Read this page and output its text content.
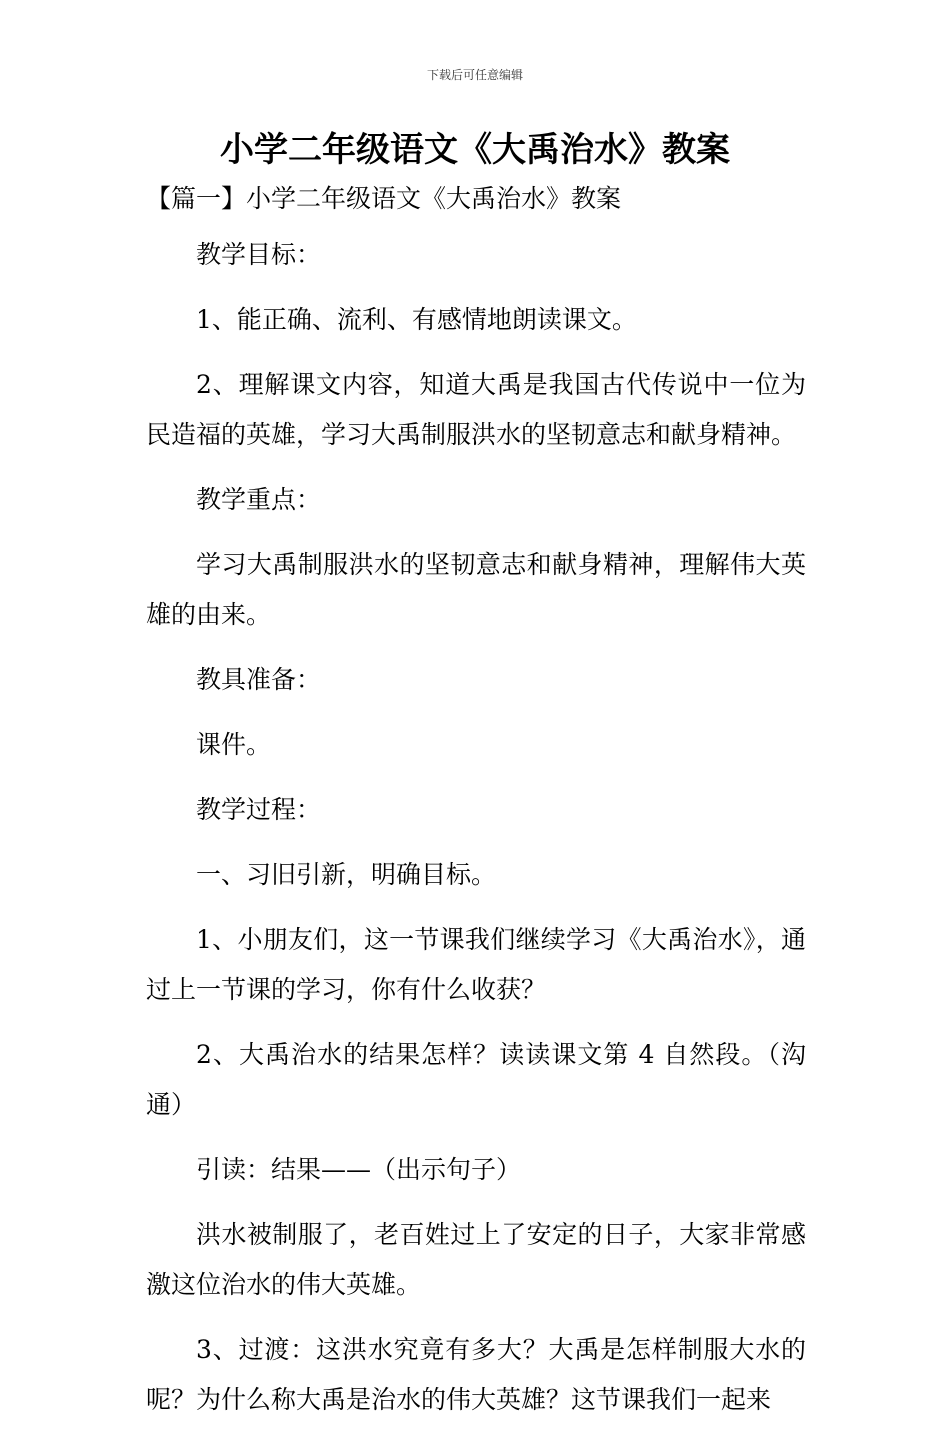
下载后可任意编辑
小学二年级语文《大禹治水》教案
【篇一】小学二年级语文《大禹治水》教案

教学目标：

1、能正确、流利、有感情地朗读课文。

2、理解课文内容，知道大禹是我国古代传说中一位为民造福的英雄，学习大禹制服洪水的坚韧意志和献身精神。

教学重点：

学习大禹制服洪水的坚韧意志和献身精神，理解伟大英雄的由来。

教具准备：

课件。

教学过程：

一、习旧引新，明确目标。

1、小朋友们，这一节课我们继续学习《大禹治水》，通过上一节课的学习，你有什么收获？

2、大禹治水的结果怎样？读读课文第 4 自然段。（沟通）

引读：结果——（出示句子）

洪水被制服了，老百姓过上了安定的日子，大家非常感激这位治水的伟大英雄。

3、过渡：这洪水究竟有多大？大禹是怎样制服大水的呢？为什么称大禹是治水的伟大英雄？这节课我们一起来
